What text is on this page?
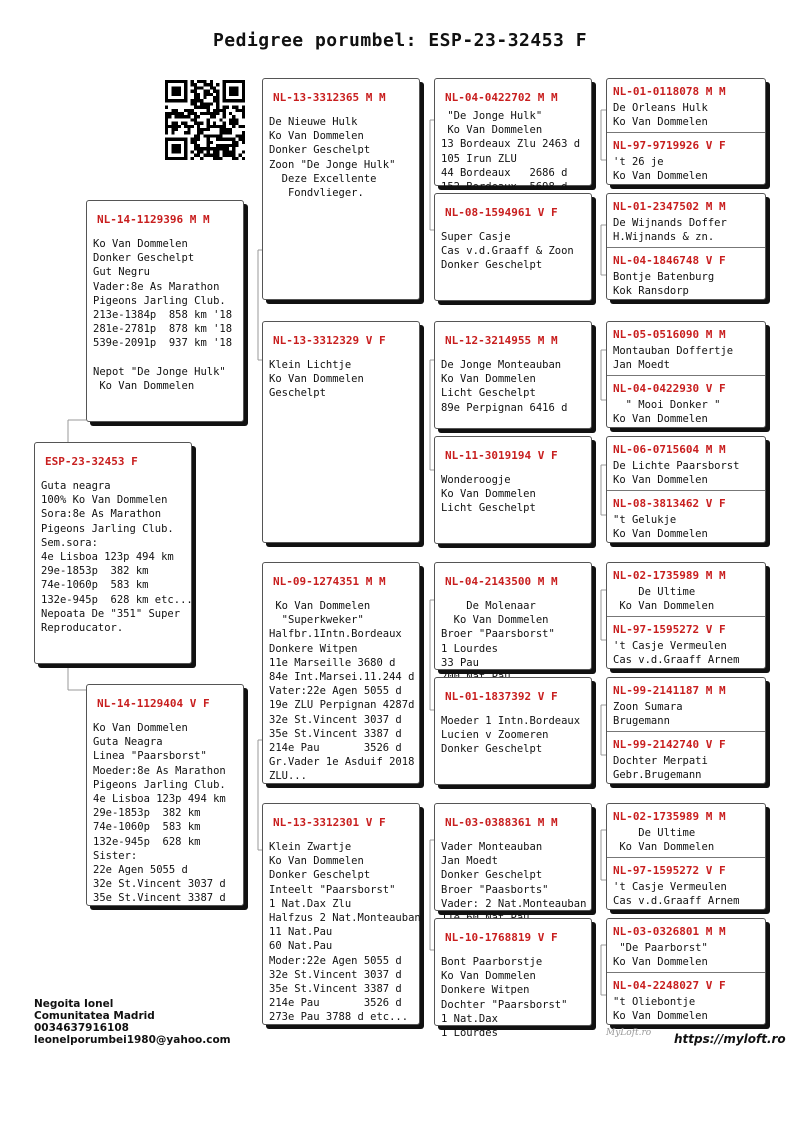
Pedigree porumbel: ESP-23-32453 F
ESP-23-32453 F
Guta neagra
100% Ko Van Dommelen
Sora:8e As Marathon
Pigeons Jarling Club.
Sem.sora:
4e Lisboa 123p 494 km
29e-1853p  382 km
74e-1060p  583 km
132e-945p  628 km etc...
Nepoata De "351" Super
Reproducator.
NL-14-1129396 M M
Ko Van Dommelen
Donker Geschelpt
Gut Negru
Vader:8e As Marathon
Pigeons Jarling Club.
213e-1384p  858 km '18
281e-2781p  878 km '18
539e-2091p  937 km '18

Nepot "De Jonge Hulk"
Ko Van Dommelen
NL-14-1129404 V F
Ko Van Dommelen
Guta Neagra
Linea "Paarsborst"
Moeder:8e As Marathon
Pigeons Jarling Club.
4e Lisboa 123p 494 km
29e-1853p  382 km
74e-1060p  583 km
132e-945p  628 km
Sister:
22e Agen 5055 d
32e St.Vincent 3037 d
35e St.Vincent 3387 d
NL-13-3312365 M M
De Nieuwe Hulk
Ko Van Dommelen
Donker Geschelpt
Zoon "De Jonge Hulk"
Deze Excellente
Fondvlieger.
NL-13-3312329 V F
Klein Lichtje
Ko Van Dommelen
Geschelpt
NL-09-1274351 M M
Ko Van Dommelen
"Superkweker"
Halfbr.1Intn.Bordeaux
Donkere Witpen
11e Marseille 3680 d
84e Int.Marsei.11.244 d
Vater:22e Agen 5055 d
19e ZLU Perpignan 4287d
32e St.Vincent 3037 d
35e St.Vincent 3387 d
214e Pau       3526 d
Gr.Vader 1e Asduif 2018
ZLU...
NL-13-3312301 V F
Klein Zwartje
Ko Van Dommelen
Donker Geschelpt
Inteelt "Paarsborst"
1 Nat.Dax Zlu
Halfzus 2 Nat.Monteauban
11 Nat.Pau
60 Nat.Pau
Moder:22e Agen 5055 d
32e St.Vincent 3037 d
35e St.Vincent 3387 d
214e Pau       3526 d
273e Pau 3788 d etc...
NL-04-0422702 M M
"De Jonge Hulk"
Ko Van Dommelen
13 Bordeaux Zlu 2463 d
105 Irun ZLU
44 Bordeaux   2686 d
152 Bordeaux  5698 d
NL-08-1594961 V F
Super Casje
Cas v.d.Graaff & Zoon
Donker Geschelpt
NL-12-3214955 M M
De Jonge Monteauban
Ko Van Dommelen
Licht Geschelpt
89e Perpignan 6416 d
NL-11-3019194 V F
Wonderoogje
Ko Van Dommelen
Licht Geschelpt
NL-04-2143500 M M
De Molenaar
Ko Van Dommelen
Broer "Paarsborst"
1 Lourdes
33 Pau

NL-01-1837392 V F
Moeder 1 Intn.Bordeaux
Lucien v Zoomeren
Donker Geschelpt
NL-03-0388361 M M
Vader Monteauban
Jan Moedt
Donker Geschelpt
Broer "Paasborts"
Vader: 2 Nat.Monteauban

NL-10-1768819 V F
Bont Paarborstje
Ko Van Dommelen
Donkere Witpen
Dochter "Paarsborst"
1 Nat.Dax
1 Lourdes
NL-01-0118078 M M
De Orleans Hulk
Ko Van Dommelen
NL-97-9719926 V F
't 26 je
Ko Van Dommelen
NL-01-2347502 M M
De Wijnands Doffer
H.Wijnands & zn.
NL-04-1846748 V F
Bontje Batenburg
Kok Ransdorp
NL-05-0516090 M M
Montauban Doffertje
Jan Moedt
NL-04-0422930 V F
" Mooi Donker "
Ko Van Dommelen
NL-06-0715604 M M
De Lichte Paarsborst
Ko Van Dommelen
NL-08-3813462 V F
"t Gelukje
Ko Van Dommelen
NL-02-1735989 M M
De Ultime
Ko Van Dommelen
NL-97-1595272 V F
't Casje Vermeulen
Cas v.d.Graaff Arnem
NL-99-2141187 M M
Zoon Sumara
Brugemann
NL-99-2142740 V F
Dochter Merpati
Gebr.Brugemann
NL-02-1735989 M M
De Ultime
Ko Van Dommelen
NL-97-1595272 V F
't Casje Vermeulen
Cas v.d.Graaff Arnem
NL-03-0326801 M M
"De Paarborst"
Ko Van Dommelen
NL-04-2248027 V F
"t Oliebontje
Ko Van Dommelen
Negoita Ionel
Comunitatea Madrid
0034637916108
leonelporumbei1980@yahoo.com
MyLoft.ro https://myloft.ro
